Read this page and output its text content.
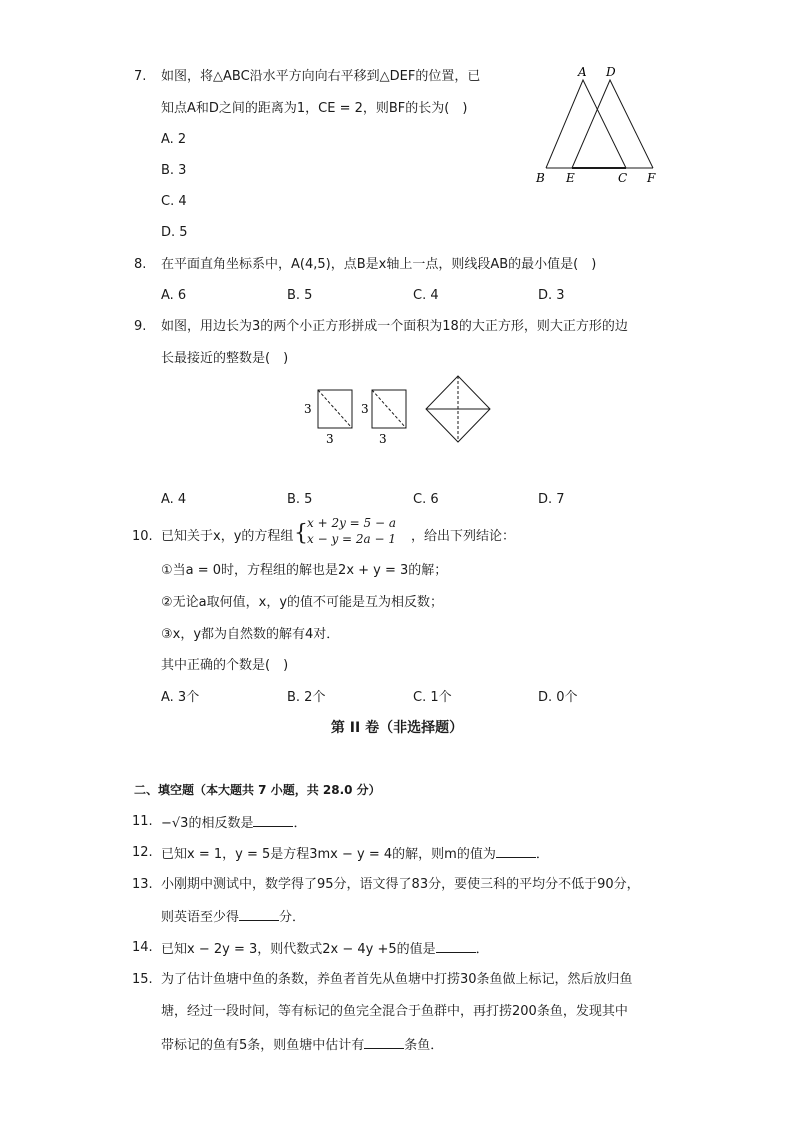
7. 如图，将△ABC沿水平方向向右平移到△DEF的位置，已
知点A和D之间的距离为1，CE = 2，则BF的长为(　)
A. 2
B. 3
C. 4
D. 5
A D
B E	C F
8. 在平面直角坐标系中，A(4,5)，点B是x轴上一点，则线段AB的最小值是(　)
A. 6	B. 5	C. 4	D. 3
9. 如图，用边长为3的两个小正方形拼成一个面积为18的大正方形，则大正方形的边
长最接近的整数是(　)
3
3
3
3
A. 4	B. 5	C. 6	D. 7
10. 已知关于x，y的方程组 { x + 2y = 5 − a
x − y = 2a − 1 ，给出下列结论：
①当a = 0时，方程组的解也是2x + y = 3的解；
②无论a取何值，x，y的值不可能是互为相反数；
③x，y都为自然数的解有4对．
其中正确的个数是(　)
A. 3个	B. 2个	C. 1个	D. 0个
第 II 卷（非选择题）
二、填空题（本大题共 7 小题，共 28.0 分）
11. −√3的相反数是	．
12. 已知x = 1，y = 5是方程3mx − y = 4的解，则m的值为	．
13. 小刚期中测试中，数学得了95分，语文得了83分，要使三科的平均分不低于90分，
则英语至少得	分．
14. 已知x − 2y = 3，则代数式2x − 4y +5的值是	．
15. 为了估计鱼塘中鱼的条数，养鱼者首先从鱼塘中打捞30条鱼做上标记，然后放归鱼
塘，经过一段时间，等有标记的鱼完全混合于鱼群中，再打捞200条鱼，发现其中
带标记的鱼有5条，则鱼塘中估计有	条鱼．
